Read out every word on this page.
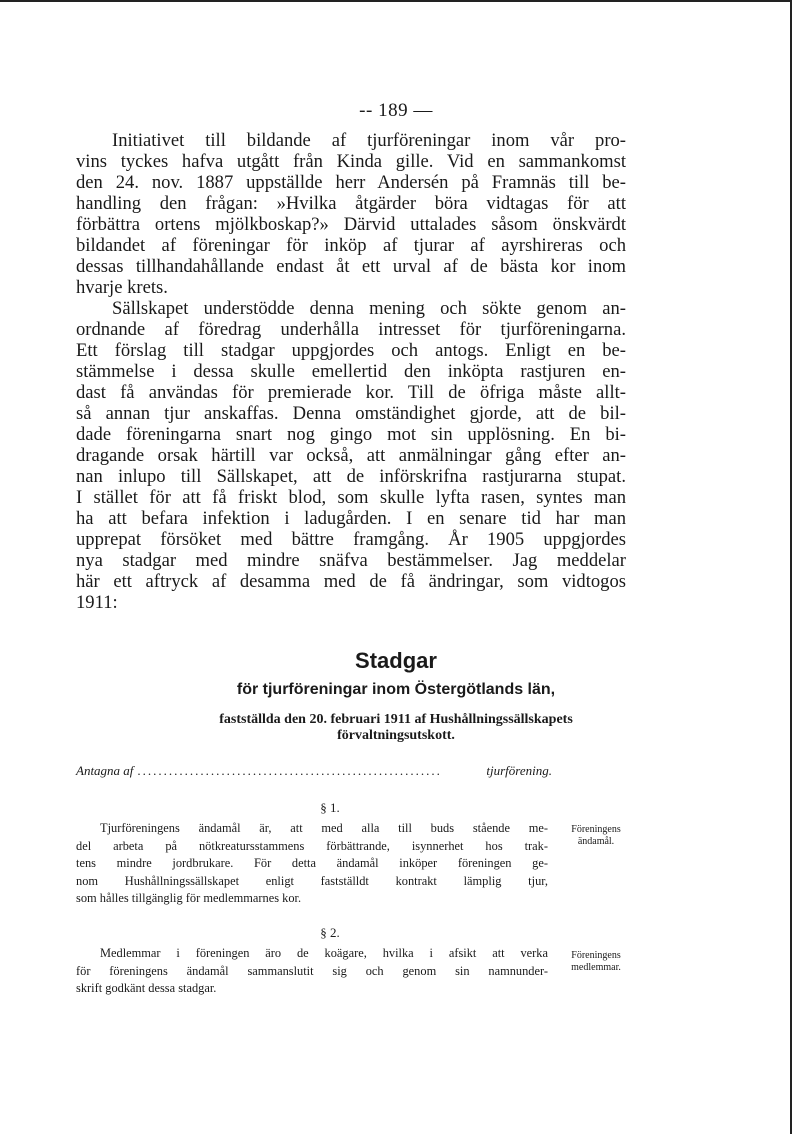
-- 189 —
Initiativet till bildande af tjurföreningar inom vår pro-
vins tyckes hafva utgått från Kinda gille. Vid en sammankomst
den 24. nov. 1887 uppställde herr Andersén på Framnäs till be-
handling den frågan: »Hvilka åtgärder böra vidtagas för att
förbättra ortens mjölkboskap?» Därvid uttalades såsom önskvärdt
bildandet af föreningar för inköp af tjurar af ayrshireras och
dessas tillhandahållande endast åt ett urval af de bästa kor inom
hvarje krets.
Sällskapet understödde denna mening och sökte genom an-
ordnande af föredrag underhålla intresset för tjurföreningarna.
Ett förslag till stadgar uppgjordes och antogs. Enligt en be-
stämmelse i dessa skulle emellertid den inköpta rastjuren en-
dast få användas för premierade kor. Till de öfriga måste allt-
så annan tjur anskaffas. Denna omständighet gjorde, att de bil-
dade föreningarna snart nog gingo mot sin upplösning. En bi-
dragande orsak härtill var också, att anmälningar gång efter an-
nan inlupo till Sällskapet, att de införskrifna rastjurarna stupat.
I stället för att få friskt blod, som skulle lyfta rasen, syntes man
ha att befara infektion i ladugården. I en senare tid har man
upprepat försöket med bättre framgång. År 1905 uppgjordes
nya stadgar med mindre snäfva bestämmelser. Jag meddelar
här ett aftryck af desamma med de få ändringar, som vidtogos
1911:
Stadgar
för tjurföreningar inom Östergötlands län,
fastställda den 20. februari 1911 af Hushållningssällskapets
förvaltningsutskott.
Antagna af ..........................................................	tjurförening.
§ 1.
Tjurföreningens ändamål är, att med alla till buds stående me-
del arbeta på nötkreatursstammens förbättrande, isynnerhet hos trak-
tens mindre jordbrukare. För detta ändamål inköper föreningen ge-
nom Hushållningssällskapet enligt fastställdt kontrakt lämplig tjur,
som hålles tillgänglig för medlemmarnes kor.
Föreningens
ändamål.
§ 2.
Medlemmar i föreningen äro de koägare, hvilka i afsikt att verka
för föreningens ändamål sammanslutit sig och genom sin namnunder-
skrift godkänt dessa stadgar.
Föreningens
medlemmar.
